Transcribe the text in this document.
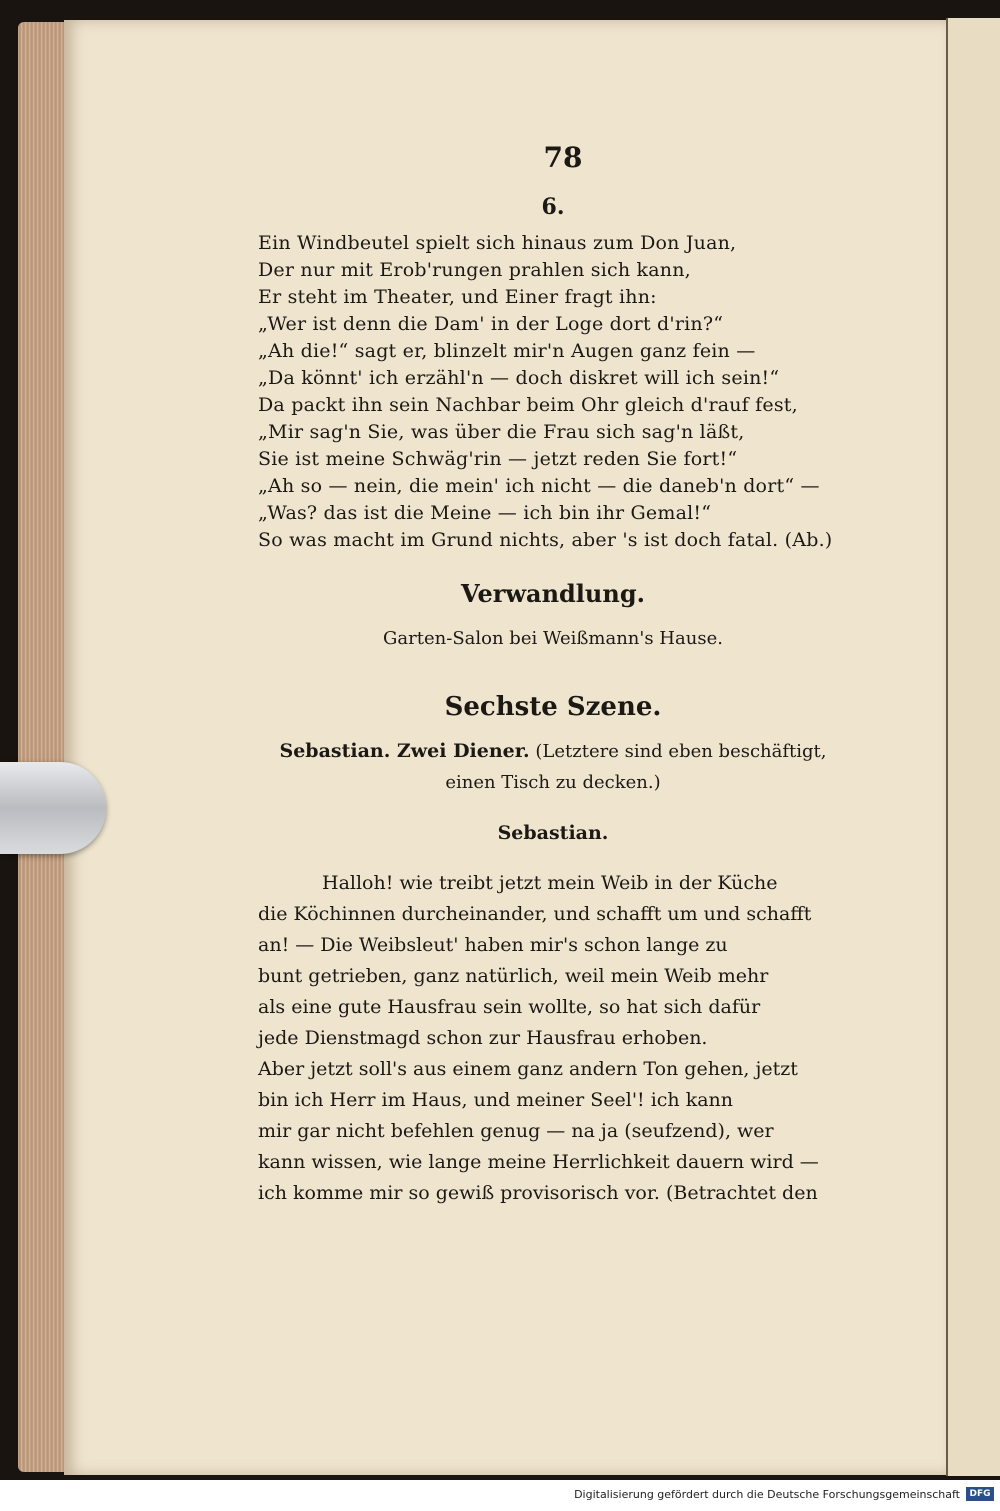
78
6.
Ein Windbeutel spielt sich hinaus zum Don Juan,
Der nur mit Erob'rungen prahlen sich kann,
Er steht im Theater, und Einer fragt ihn:
„Wer ist denn die Dam' in der Loge dort d'rin?“
„Ah die!“ sagt er, blinzelt mir'n Augen ganz fein —
„Da könnt' ich erzähl'n — doch diskret will ich sein!“
Da packt ihn sein Nachbar beim Ohr gleich d'rauf fest,
„Mir sag'n Sie, was über die Frau sich sag'n läßt,
Sie ist meine Schwäg'rin — jetzt reden Sie fort!“
„Ah so — nein, die mein' ich nicht — die daneb'n dort“ —
„Was? das ist die Meine — ich bin ihr Gemal!“
So was macht im Grund nichts, aber 's ist doch fatal. (Ab.)
Verwandlung.
Garten-Salon bei Weißmann's Hause.
Sechste Szene.
Sebastian. Zwei Diener. (Letztere sind eben beschäftigt,
einen Tisch zu decken.)
Sebastian.
Halloh! wie treibt jetzt mein Weib in der Küche
die Köchinnen durcheinander, und schafft um und schafft
an! — Die Weibsleut' haben mir's schon lange zu
bunt getrieben, ganz natürlich, weil mein Weib mehr
als eine gute Hausfrau sein wollte, so hat sich dafür
jede Dienstmagd schon zur Hausfrau erhoben.
Aber jetzt soll's aus einem ganz andern Ton gehen, jetzt
bin ich Herr im Haus, und meiner Seel'! ich kann
mir gar nicht befehlen genug — na ja (seufzend), wer
kann wissen, wie lange meine Herrlichkeit dauern wird —
ich komme mir so gewiß provisorisch vor. (Betrachtet den
Digitalisierung gefördert durch die Deutsche Forschungsgemeinschaft	DFG
